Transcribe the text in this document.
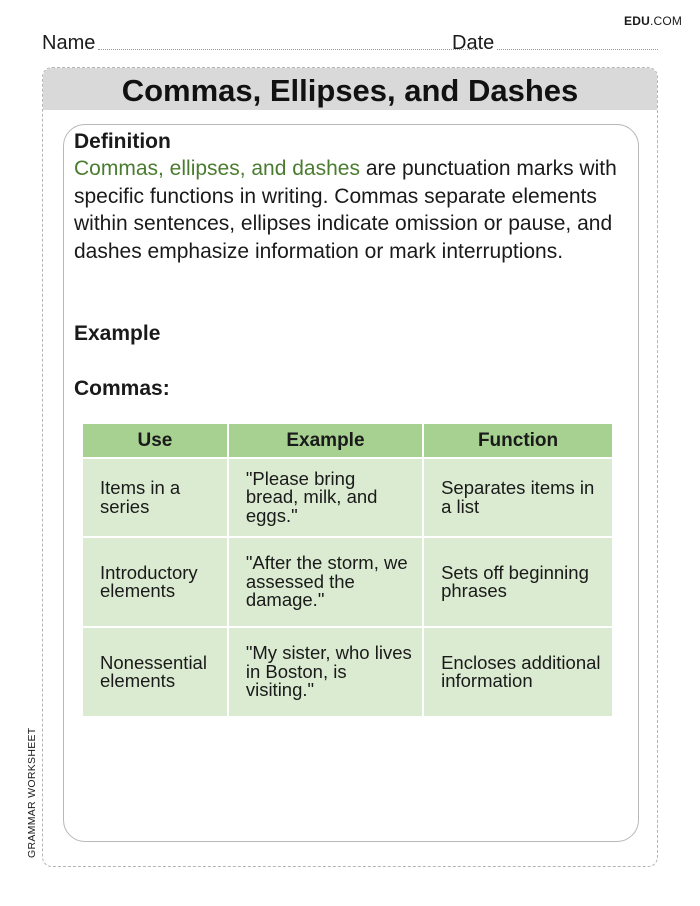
EDU.COM
Name	Date
Commas, Ellipses, and Dashes
Definition
Commas, ellipses, and dashes are punctuation marks with specific functions in writing. Commas separate elements within sentences, ellipses indicate omission or pause, and dashes emphasize information or mark interruptions.
Example
Commas:
Use	Example	Function
Items in a series	"Please bring bread, milk, and eggs."	Separates items in a list
Introductory elements	"After the storm, we assessed the damage."	Sets off beginning phrases
Nonessential elements	"My sister, who lives in Boston, is visiting."	Encloses additional information
GRAMMAR WORKSHEET
